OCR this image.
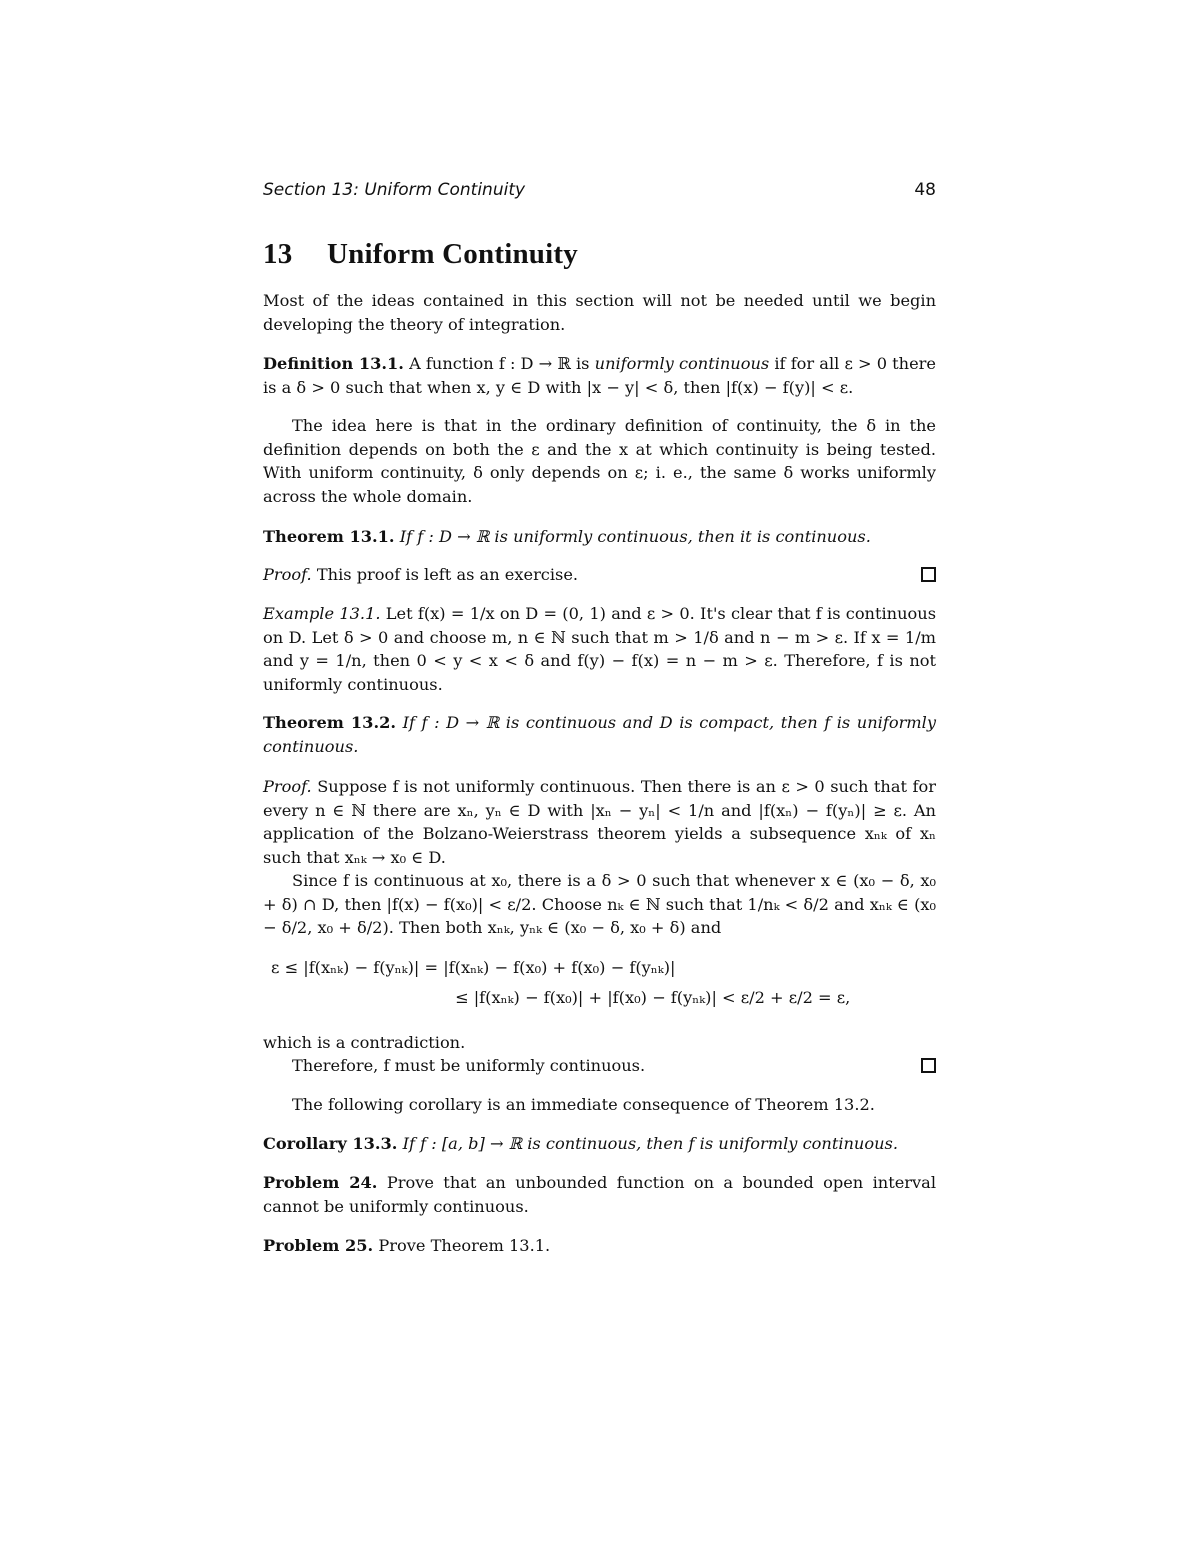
Section 13: Uniform Continuity	48
13 Uniform Continuity
Most of the ideas contained in this section will not be needed until we begin developing the theory of integration.
Definition 13.1. A function f : D → ℝ is uniformly continuous if for all ε > 0 there is a δ > 0 such that when x, y ∈ D with |x − y| < δ, then |f(x) − f(y)| < ε.
The idea here is that in the ordinary definition of continuity, the δ in the definition depends on both the ε and the x at which continuity is being tested. With uniform continuity, δ only depends on ε; i. e., the same δ works uniformly across the whole domain.
Theorem 13.1. If f : D → ℝ is uniformly continuous, then it is continuous.
Proof. This proof is left as an exercise.
Example 13.1. Let f(x) = 1/x on D = (0, 1) and ε > 0. It's clear that f is continuous on D. Let δ > 0 and choose m, n ∈ ℕ such that m > 1/δ and n − m > ε. If x = 1/m and y = 1/n, then 0 < y < x < δ and f(y) − f(x) = n − m > ε. Therefore, f is not uniformly continuous.
Theorem 13.2. If f : D → ℝ is continuous and D is compact, then f is uniformly continuous.
Proof. Suppose f is not uniformly continuous. Then there is an ε > 0 such that for every n ∈ ℕ there are xₙ, yₙ ∈ D with |xₙ − yₙ| < 1/n and |f(xₙ) − f(yₙ)| ≥ ε. An application of the Bolzano-Weierstrass theorem yields a subsequence xₙₖ of xₙ such that xₙₖ → x₀ ∈ D.
Since f is continuous at x₀, there is a δ > 0 such that whenever x ∈ (x₀ − δ, x₀ + δ) ∩ D, then |f(x) − f(x₀)| < ε/2. Choose nₖ ∈ ℕ such that 1/nₖ < δ/2 and xₙₖ ∈ (x₀ − δ/2, x₀ + δ/2). Then both xₙₖ, yₙₖ ∈ (x₀ − δ, x₀ + δ) and
ε ≤ |f(xₙₖ) − f(yₙₖ)| = |f(xₙₖ) − f(x₀) + f(x₀) − f(yₙₖ)|
≤ |f(xₙₖ) − f(x₀)| + |f(x₀) − f(yₙₖ)| < ε/2 + ε/2 = ε,
which is a contradiction.
Therefore, f must be uniformly continuous.
The following corollary is an immediate consequence of Theorem 13.2.
Corollary 13.3. If f : [a, b] → ℝ is continuous, then f is uniformly continuous.
Problem 24. Prove that an unbounded function on a bounded open interval cannot be uniformly continuous.
Problem 25. Prove Theorem 13.1.
